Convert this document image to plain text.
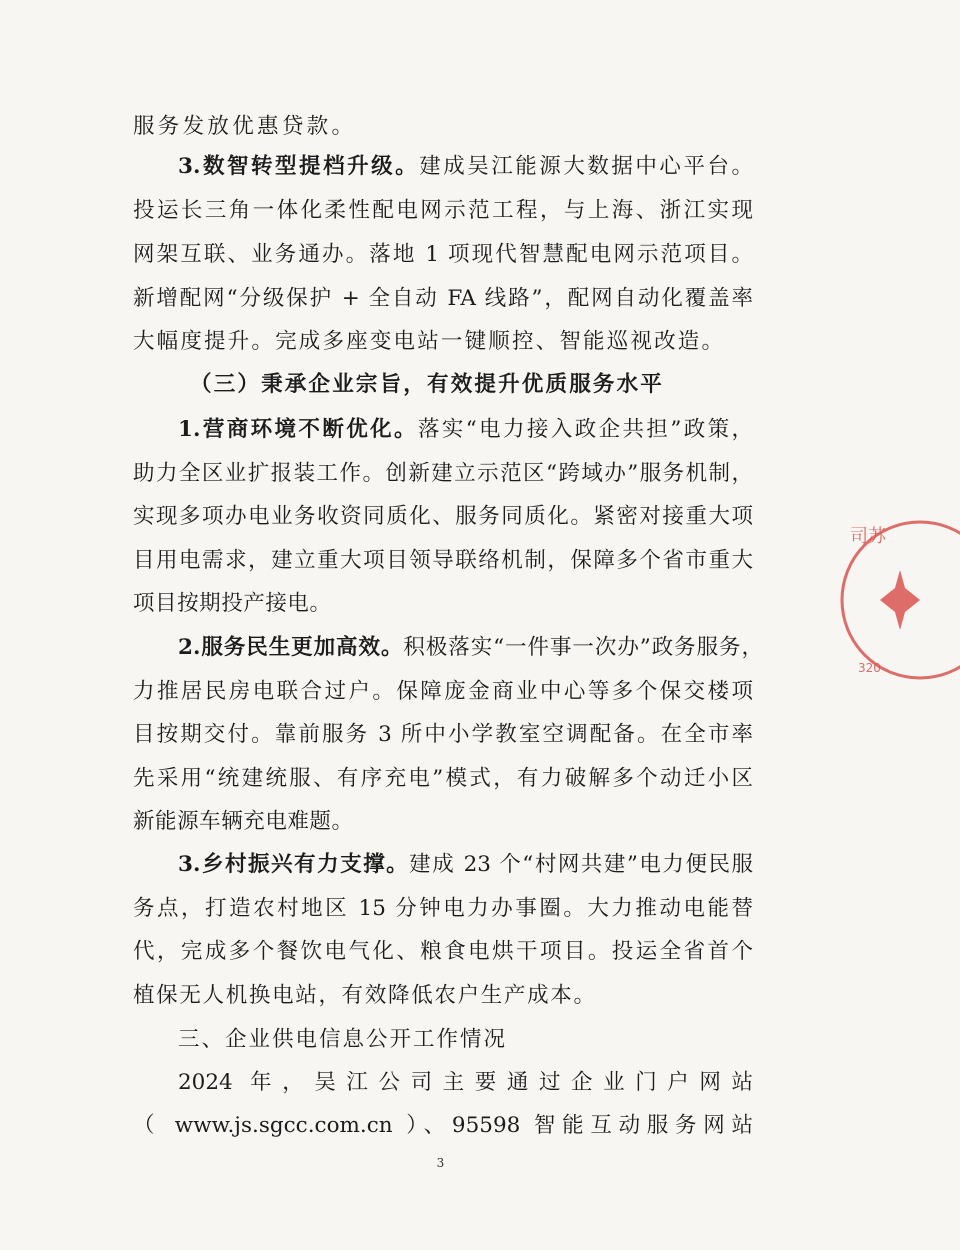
服务发放优惠贷款。
3.数智转型提档升级。建成吴江能源大数据中心平台。
投运长三角一体化柔性配电网示范工程，与上海、浙江实现
网架互联、业务通办。落地 1 项现代智慧配电网示范项目。
新增配网“分级保护 + 全自动 FA 线路”，配网自动化覆盖率
大幅度提升。完成多座变电站一键顺控、智能巡视改造。
（三）秉承企业宗旨，有效提升优质服务水平
1.营商环境不断优化。落实“电力接入政企共担”政策，
助力全区业扩报装工作。创新建立示范区“跨域办”服务机制，
实现多项办电业务收资同质化、服务同质化。紧密对接重大项
目用电需求，建立重大项目领导联络机制，保障多个省市重大
项目按期投产接电。
2.服务民生更加高效。积极落实“一件事一次办”政务服务，
力推居民房电联合过户。保障庞金商业中心等多个保交楼项
目按期交付。靠前服务 3 所中小学教室空调配备。在全市率
先采用“统建统服、有序充电”模式，有力破解多个动迁小区
新能源车辆充电难题。
3.乡村振兴有力支撑。建成 23 个“村网共建”电力便民服
务点，打造农村地区 15 分钟电力办事圈。大力推动电能替
代，完成多个餐饮电气化、粮食电烘干项目。投运全省首个
植保无人机换电站，有效降低农户生产成本。
三、企业供电信息公开工作情况
2024 年，吴江公司主要通过企业门户网站
（ www.js.sgcc.com.cn ）、95598 智能互动服务网站
3
司苏
320
